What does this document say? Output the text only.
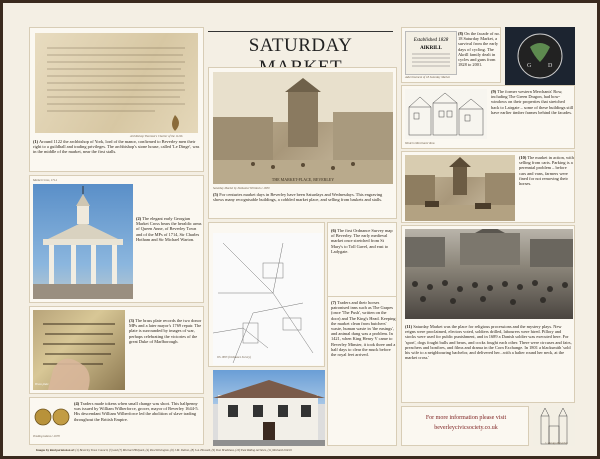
SATURDAY
Archbishop Thurstan's Charter of the 1120s
(1) Around 1122 the archbishop of York, lord of the manor, confirmed to Beverley men their right to a guildhall and trading privileges. The archbishop's stone house, called 'Le Dinge', was in the middle of the market, near the first stalls.
Market Cross, 1714
(2) The elegant early Georgian Market Cross bears the heraldic arms of Queen Anne, of Beverley Town and of the MPs of 1714, Sir Charles Hotham and Sir Michael Warton.
Brass plate
(3) The brass plate records the two donor MPs and a later mayor's 1769 repair. The plate is surrounded by images of war, perhaps celebrating the victories of the great Duke of Marlborough.
Trading tokens c.1670
(4) Traders made tokens when small change was short. This halfpenny was issued by William Wilberforce, grocer, mayor of Beverley 1644-5. His descendant William Wilberforce led the abolition of slave trading throughout the British Empire.
Images by kind permission of: (1) Beverley Town Council, (3) and (7) Michael Hildyard, (4) Paul Kilvington, (6) J.M. Dalton, (8) S.A. Howard, (9) Don Bradshaw, (10) East Riding Archives, (11) Richard Littrell
THE MARKET-PLACE, BEVERLEY
Saturday Market by Nathaniel Whittock c.1830
(5) For centuries market days in Beverley have been Saturdays and Wednesdays. This engraving shows many recognisable buildings, a cobbled market place, and selling from baskets and stalls.
OS 1853 (Ordnance Survey)
(6) The first Ordnance Survey map of Beverley. The early medieval market once stretched from St Mary's to Toll Gavel, and east to Ladygate.
(7) Traders and their horses patronised inns such as The Grapes (once 'The Push', written on the door) and The King's Head. Keeping the market clean from butchers' waste, human waste in 'the easings', and animal dung was a problem. In 1421, when King Henry V came to Beverley Minster, it took three and a half days to clear the muck before the royal feet arrived.
Established 1828
AIKRILL
Advertisement of 18 Saturday Market
(8) On the facade of no. 18 Saturday Market, a survival from the early days of cycling. The Akrill family dealt in cycles and guns from 1828 to 2001.	G	D
Western Merchants' Row
(9) The former western Merchants' Row, including The Green Dragon, had bow-windows on their properties that stretched back to Lairgate – some of these buildings still have earlier timber frames behind the facades.
(10) The market in action, with selling from carts. Parking is a perennial problem – before cars and vans, farmers were fined for not removing their horses.
(11) Saturday Market was the place for religious processions and the mystery plays. New reigns were proclaimed, electors voted, soldiers drilled, labourers were hired. Pillory and stocks were used for public punishment, and in 1689 a Danish soldier was executed here. For 'sport', dogs fought bulls and bears, and cocks fought each other. There were circuses and fairs, preachers and bonfires, and films and drama in the Corn Exchange. In 1801 a blacksmith 'sold his wife to a neighbouring bachelor, and delivered her...with a halter round her neck, at the market cross.'
For more information please visit
beverleycivicsociety.co.uk
© Design Beverley
